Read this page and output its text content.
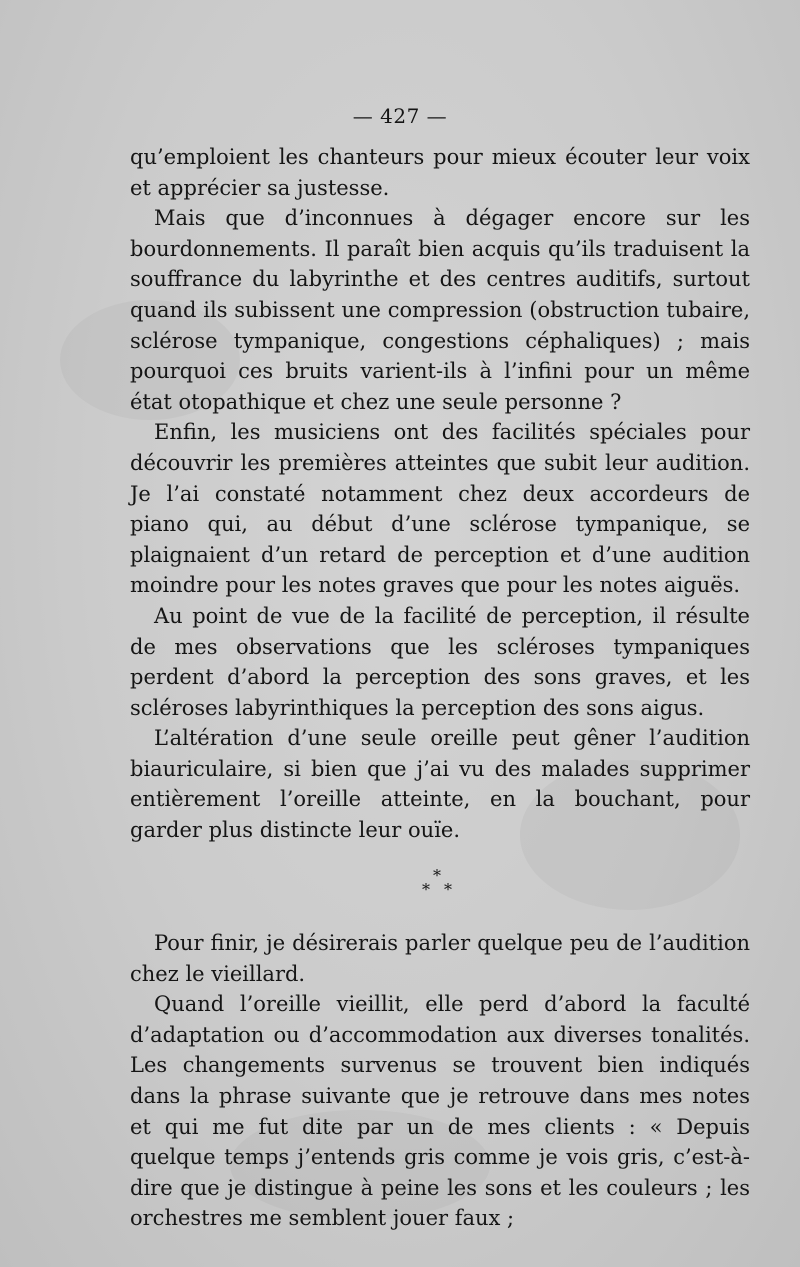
— 427 —

qu’emploient les chanteurs pour mieux écouter leur voix et apprécier sa justesse.

Mais que d’inconnues à dégager encore sur les bourdonnements. Il paraît bien acquis qu’ils traduisent la souffrance du labyrinthe et des centres auditifs, surtout quand ils subissent une compression (obstruction tubaire, sclérose tympanique, congestions céphaliques) ; mais pourquoi ces bruits varient-ils à l’infini pour un même état otopathique et chez une seule personne ?

Enfin, les musiciens ont des facilités spéciales pour découvrir les premières atteintes que subit leur audition. Je l’ai constaté notamment chez deux accordeurs de piano qui, au début d’une sclérose tympanique, se plaignaient d’un retard de perception et d’une audition moindre pour les notes graves que pour les notes aiguës.

Au point de vue de la facilité de perception, il résulte de mes observations que les scléroses tympaniques perdent d’abord la perception des sons graves, et les scléroses labyrinthiques la perception des sons aigus.

L’altération d’une seule oreille peut gêner l’audition biauriculaire, si bien que j’ai vu des malades supprimer entièrement l’oreille atteinte, en la bouchant, pour garder plus distincte leur ouïe.

*
* *

Pour finir, je désirerais parler quelque peu de l’audition chez le vieillard.

Quand l’oreille vieillit, elle perd d’abord la faculté d’adaptation ou d’accommodation aux diverses tonalités. Les changements survenus se trouvent bien indiqués dans la phrase suivante que je retrouve dans mes notes et qui me fut dite par un de mes clients : « Depuis quelque temps j’entends gris comme je vois gris, c’est-à-dire que je distingue à peine les sons et les couleurs ; les orchestres me semblent jouer faux ;
